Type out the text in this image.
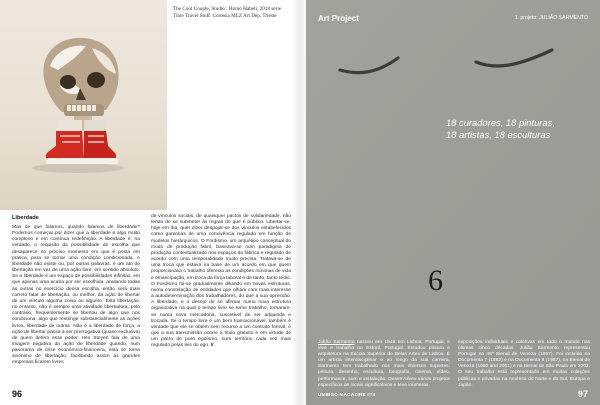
The Cool Couple, Studio : Homo Habeli, 2018 série Time Travel Stuff. Cortesia MLZ Art Dep, Trieste
Liberdade
Mas de que falamos, quando falamos de liberdade? Podemos começar por dizer que a liberdade é algo muito complexo e em contínua redefinição. A liberdade é, na verdade, o requisito da possibilidade de escolha que desaparece no preciso momento em que é posta em prática, para se tornar uma condição condicionada. A liberdade não existe ou, por outras palavras, é um ato de libertação em vez de uma ação livre, em sentido absoluto. Se a liberdade é um espaço de possibilidades infinitas, em que apenas uma acaba por ser escolhida, anulando todas as outras no exercício dessa escolha, então será mais correto falar de libertação, ou melhor, da ação de libertar de um vínculo alguma coisa ou alguém. Esta libertação, no entanto, não é sempre uma atividade libertadora, pelo contrário, frequentemente se libertou de algo que nos condiciona, algo que restringe substancialmente as ações livres, liberdade de outras. Não é a liberdade de força, a ação de libertar passa a ser prerrogativa (quase exclusiva) de quem detém esse poder. Hito Steyerl fala de uma imagem negativa da ação de liberdade quando, num panorama de crise económico-financeira, esta se torna sinónimo de libertação, facilitando assim às grandes empresas ficarem livres
de vínculos sociais, de quaisquer pactos de solidariedade, não tendo de se submeter às regras do que é público. Libertar-se, hoje em dia, quer dizer despojar-se dos vínculos estabelecidos como garantias de uma convivência regulada em função de modelos hierárquicos. O Fordismo, um arquétipo conceptual do modo de produção fabril, baseava-se num paradigma de produção contextualizado nos espaços da fábrica e regulado de acordo com uma temporalidade muito precisa. Tratava-se de uma troca que estava na base de um acordo em que quem proporcionava o trabalho oferecia as condições mínimas de vida e emancipação, em troca da força laboral e de tanto, tanto tédio. O Fordismo foi-se gradualmente diluindo em novas estruturas, numa constelação de entidades que olham com mais interesse a autodeterminação dos trabalhadores, do que a sua opressão. A liberdade, e o desejo de se afirmar numa nova estrutura organizativa na qual o tempo livre se torne trabalho, tornaram-se numa nova mercadoria, suscetível de ser adquirida e trocada. Se o tempo livre é um bem transacionável, também é verdade que ele se obtém sem recurso a um contrato formal, e que a sua transmissão ocorre a título gratuito e em virtude de um pacto de puro egoísmo, num território cada vez mais regulado pelas leis do ego. //
96
6
Art Project	1 projeto: JULIÃO SARMENTO
18 curadores, 18 pinturas,
18 artistas, 18 esculturas
Julião Sarmento nasceu em 1948 em Lisboa, Portugal, e vive e trabalha no Estoril, Portugal. Estudou pintura e arquitetura na Escola Superior de Belas Artes de Lisboa. É um artista interdisciplinar e ao longo da sua carreira, Sarmento tem trabalhado nos mais diversos suportes: pintura, desenho, escultura, fotografia, cinema, vídeo, performance, som e instalação. Desenvolveu vários projetos específicos de locais significativos e teve inúmeras
exposições individuais e coletivas em todo o mundo nas últimas cinco décadas. Julião Sarmento representou Portugal na 46ª Bienal de Veneza (1997). Foi incluído na Documenta 7 (1982) e na Documenta 8 (1987), na Bienal de Veneza (1980 and 2001) e na Bienal de São Paulo em 2002. O seu trabalho está representado em muitas coleções públicas e privadas na América do Norte e do Sul, Europa e Japão.
UMBIGO MAGAZINE #74	97
